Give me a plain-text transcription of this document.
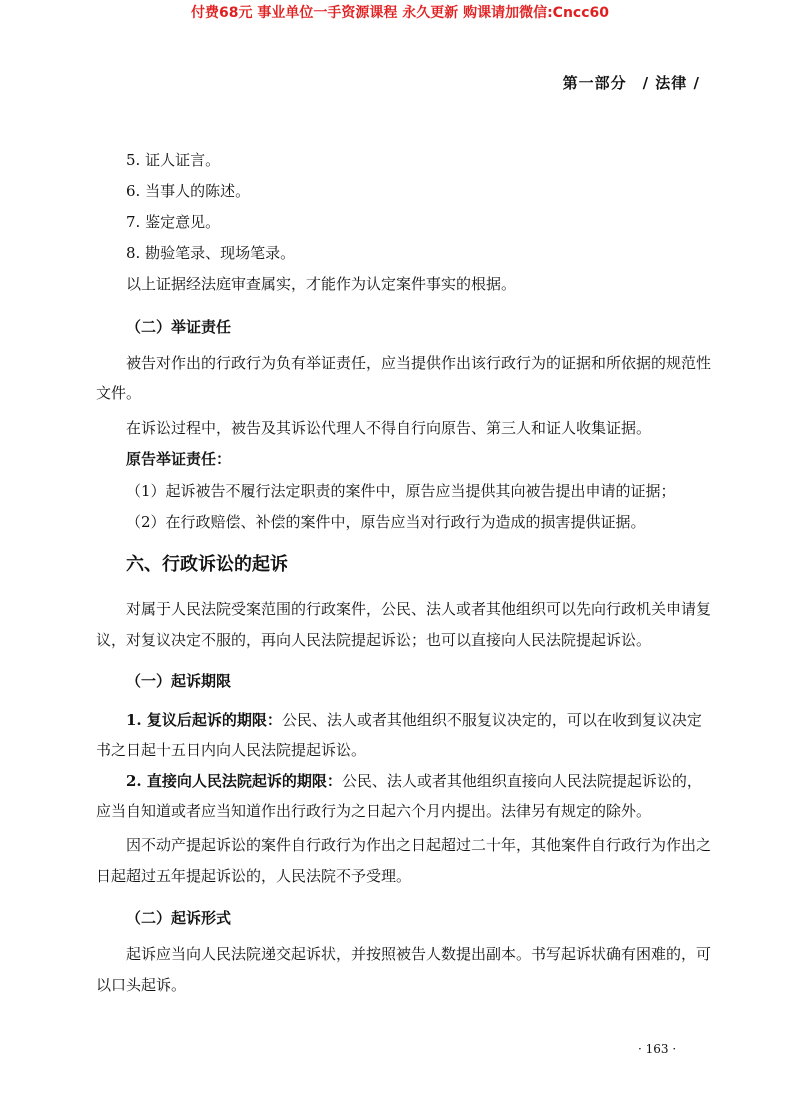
付费68元 事业单位一手资源课程 永久更新 购课请加微信:Cncc60
第一部分　/ 法律 /
5. 证人证言。
6. 当事人的陈述。
7. 鉴定意见。
8. 勘验笔录、现场笔录。
以上证据经法庭审查属实，才能作为认定案件事实的根据。
（二）举证责任
被告对作出的行政行为负有举证责任，应当提供作出该行政行为的证据和所依据的规范性
文件。
在诉讼过程中，被告及其诉讼代理人不得自行向原告、第三人和证人收集证据。
原告举证责任：
（1）起诉被告不履行法定职责的案件中，原告应当提供其向被告提出申请的证据；
（2）在行政赔偿、补偿的案件中，原告应当对行政行为造成的损害提供证据。
六、行政诉讼的起诉
对属于人民法院受案范围的行政案件，公民、法人或者其他组织可以先向行政机关申请复
议，对复议决定不服的，再向人民法院提起诉讼；也可以直接向人民法院提起诉讼。
（一）起诉期限
1. 复议后起诉的期限：公民、法人或者其他组织不服复议决定的，可以在收到复议决定
书之日起十五日内向人民法院提起诉讼。
2. 直接向人民法院起诉的期限：公民、法人或者其他组织直接向人民法院提起诉讼的，
应当自知道或者应当知道作出行政行为之日起六个月内提出。法律另有规定的除外。
因不动产提起诉讼的案件自行政行为作出之日起超过二十年，其他案件自行政行为作出之
日起超过五年提起诉讼的，人民法院不予受理。
（二）起诉形式
起诉应当向人民法院递交起诉状，并按照被告人数提出副本。书写起诉状确有困难的，可
以口头起诉。
· 163 ·
